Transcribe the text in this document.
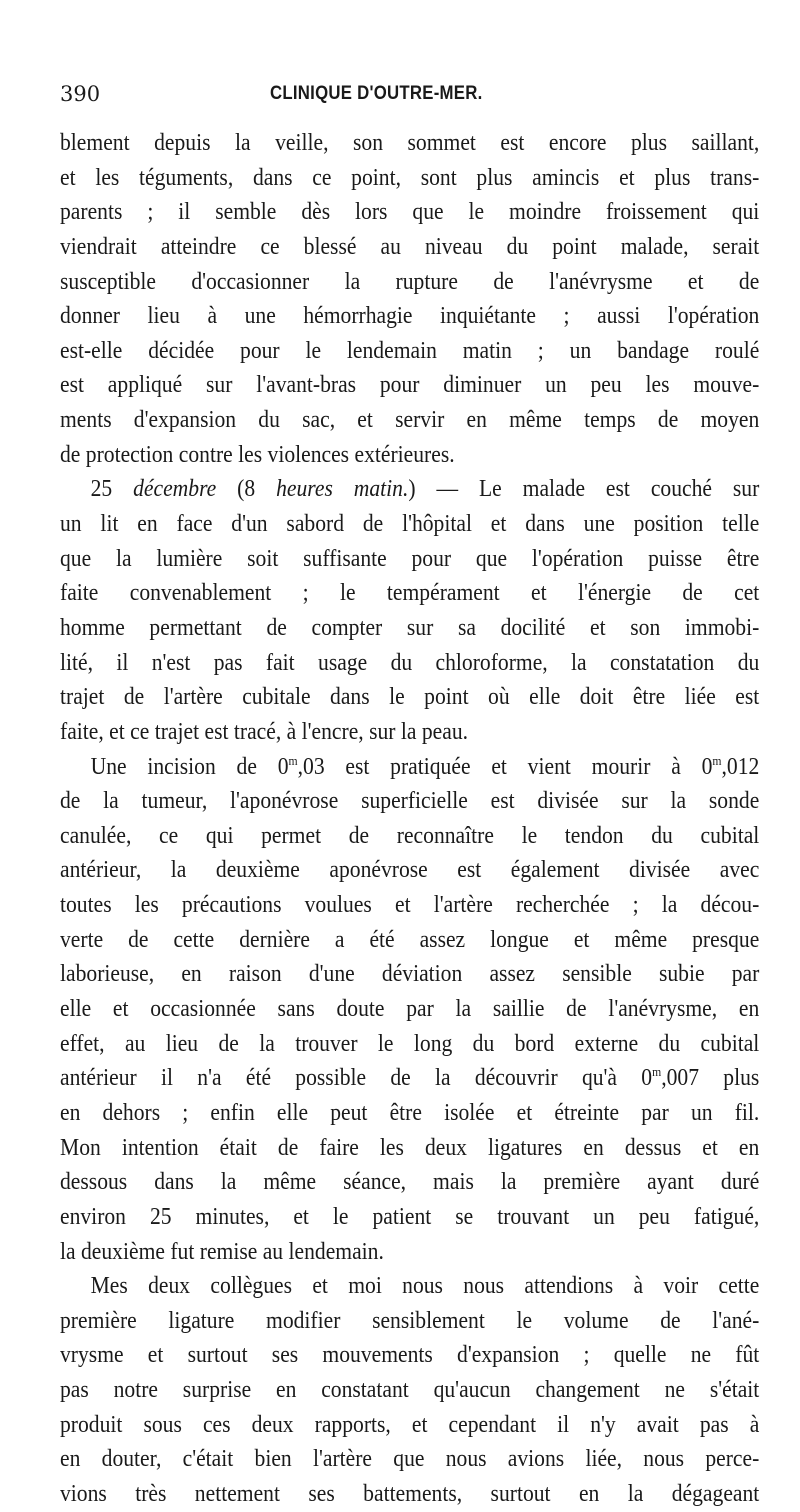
390	CLINIQUE D'OUTRE-MER.
blement depuis la veille, son sommet est encore plus saillant,
et les téguments, dans ce point, sont plus amincis et plus trans-
parents ; il semble dès lors que le moindre froissement qui
viendrait atteindre ce blessé au niveau du point malade, serait
susceptible d'occasionner la rupture de l'anévrysme et de
donner lieu à une hémorrhagie inquiétante ; aussi l'opération
est-elle décidée pour le lendemain matin ; un bandage roulé
est appliqué sur l'avant-bras pour diminuer un peu les mouve-
ments d'expansion du sac, et servir en même temps de moyen
de protection contre les violences extérieures.
25 décembre (8 heures matin.) — Le malade est couché sur
un lit en face d'un sabord de l'hôpital et dans une position telle
que la lumière soit suffisante pour que l'opération puisse être
faite convenablement ; le tempérament et l'énergie de cet
homme permettant de compter sur sa docilité et son immobi-
lité, il n'est pas fait usage du chloroforme, la constatation du
trajet de l'artère cubitale dans le point où elle doit être liée est
faite, et ce trajet est tracé, à l'encre, sur la peau.
Une incision de 0$^m$,03 est pratiquée et vient mourir à 0$^m$,012
de la tumeur, l'aponévrose superficielle est divisée sur la sonde
canulée, ce qui permet de reconnaître le tendon du cubital
antérieur, la deuxième aponévrose est également divisée avec
toutes les précautions voulues et l'artère recherchée ; la décou-
verte de cette dernière a été assez longue et même presque
laborieuse, en raison d'une déviation assez sensible subie par
elle et occasionnée sans doute par la saillie de l'anévrysme, en
effet, au lieu de la trouver le long du bord externe du cubital
antérieur il n'a été possible de la découvrir qu'à 0$^m$,007 plus
en dehors ; enfin elle peut être isolée et étreinte par un fil.
Mon intention était de faire les deux ligatures en dessus et en
dessous dans la même séance, mais la première ayant duré
environ 25 minutes, et le patient se trouvant un peu fatigué,
la deuxième fut remise au lendemain.
Mes deux collègues et moi nous nous attendions à voir cette
première ligature modifier sensiblement le volume de l'ané-
vrysme et surtout ses mouvements d'expansion ; quelle ne fût
pas notre surprise en constatant qu'aucun changement ne s'était
produit sous ces deux rapports, et cependant il n'y avait pas à
en douter, c'était bien l'artère que nous avions liée, nous perce-
vions très nettement ses battements, surtout en la dégageant
